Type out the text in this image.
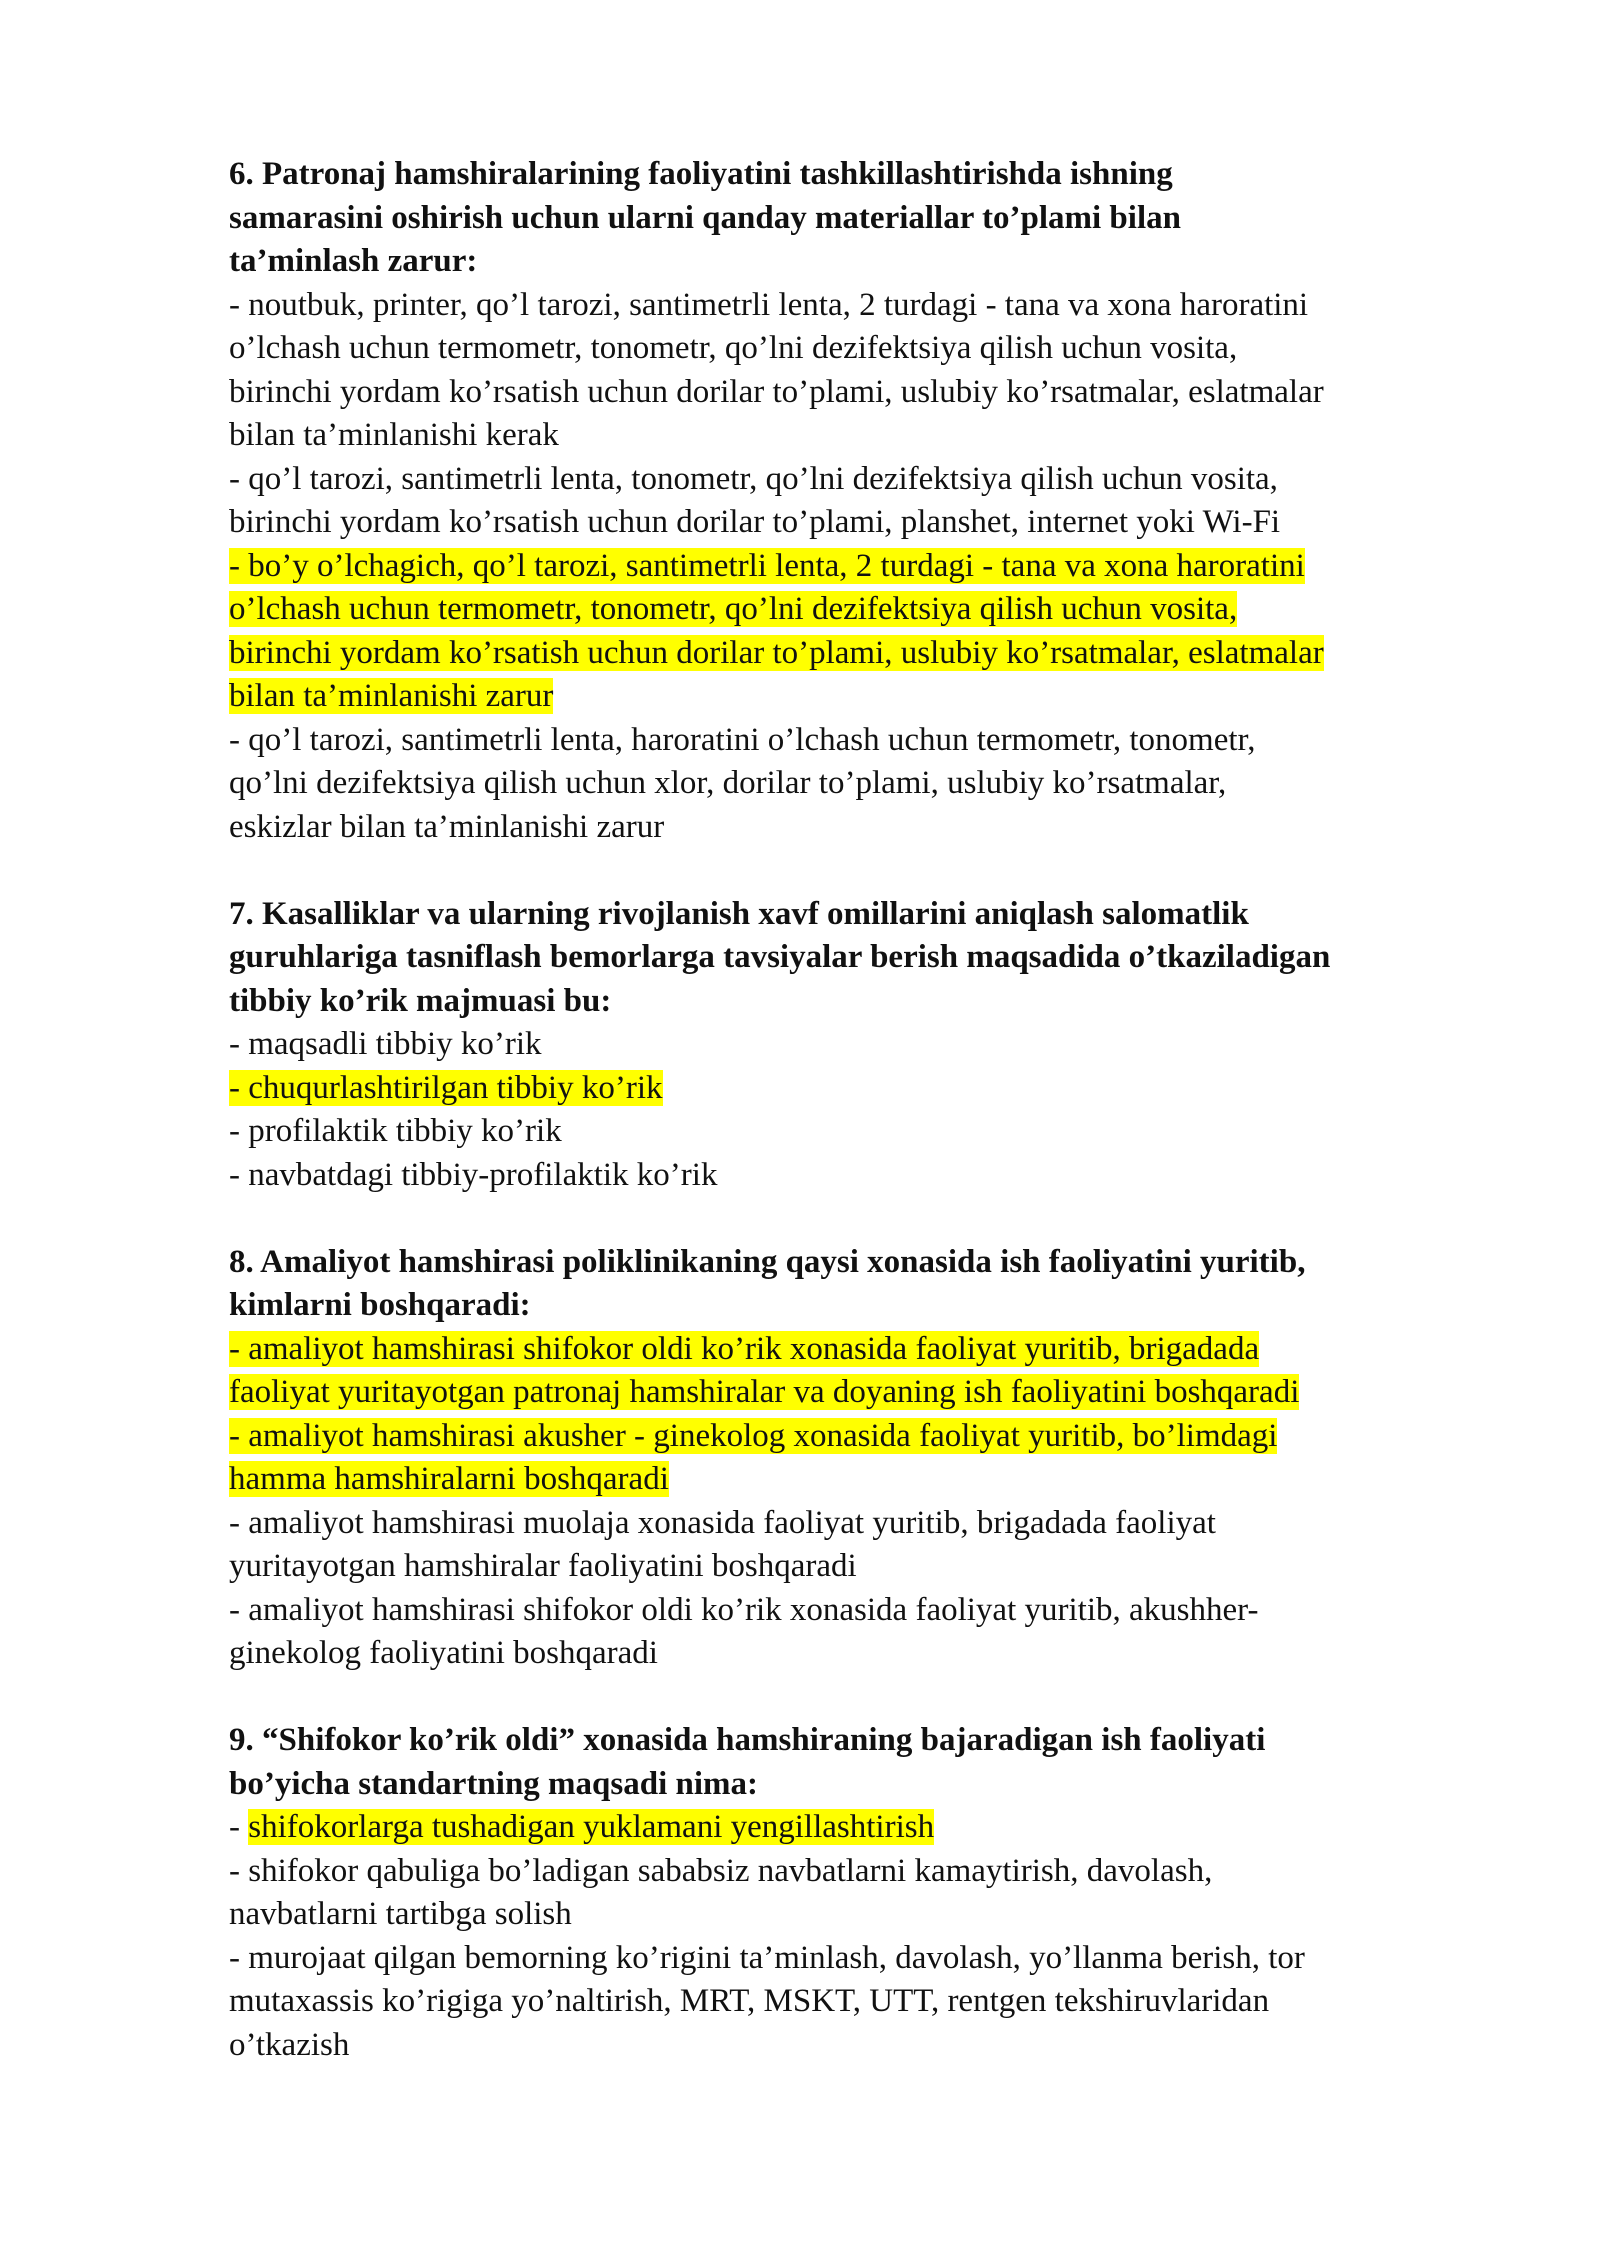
6. Patronaj hamshiralarining faoliyatini tashkillashtirishda ishning
samarasini oshirish uchun ularni qanday materiallar to’plami bilan
ta’minlash zarur:

- noutbuk, printer, qo’l tarozi, santimetrli lenta, 2 turdagi - tana va xona haroratini
o’lchash uchun termometr, tonometr, qo’lni dezifektsiya qilish uchun vosita,
birinchi yordam ko’rsatish uchun dorilar to’plami, uslubiy ko’rsatmalar, eslatmalar
bilan ta’minlanishi kerak

- qo’l tarozi, santimetrli lenta, tonometr, qo’lni dezifektsiya qilish uchun vosita,
birinchi yordam ko’rsatish uchun dorilar to’plami, planshet, internet yoki Wi-Fi

- bo’y o’lchagich, qo’l tarozi, santimetrli lenta, 2 turdagi - tana va xona haroratini
o’lchash uchun termometr, tonometr, qo’lni dezifektsiya qilish uchun vosita,
birinchi yordam ko’rsatish uchun dorilar to’plami, uslubiy ko’rsatmalar, eslatmalar
bilan ta’minlanishi zarur

- qo’l tarozi, santimetrli lenta, haroratini o’lchash uchun termometr, tonometr,
qo’lni dezifektsiya qilish uchun xlor, dorilar to’plami, uslubiy ko’rsatmalar,
eskizlar bilan ta’minlanishi zarur

7. Kasalliklar va ularning rivojlanish xavf omillarini aniqlash salomatlik
guruhlariga tasniflash bemorlarga tavsiyalar berish maqsadida o’tkaziladigan
tibbiy ko’rik majmuasi bu:

- maqsadli tibbiy ko’rik

- chuqurlashtirilgan tibbiy ko’rik

- profilaktik tibbiy ko’rik

- navbatdagi tibbiy-profilaktik ko’rik

8. Amaliyot hamshirasi poliklinikaning qaysi xonasida ish faoliyatini yuritib,
kimlarni boshqaradi:

- amaliyot hamshirasi shifokor oldi ko’rik xonasida faoliyat yuritib, brigadada
faoliyat yuritayotgan patronaj hamshiralar va doyaning ish faoliyatini boshqaradi

- amaliyot hamshirasi akusher - ginekolog xonasida faoliyat yuritib, bo’limdagi
hamma hamshiralarni boshqaradi

- amaliyot hamshirasi muolaja xonasida faoliyat yuritib, brigadada faoliyat
yuritayotgan hamshiralar faoliyatini boshqaradi

- amaliyot hamshirasi shifokor oldi ko’rik xonasida faoliyat yuritib, akushher-
ginekolog faoliyatini boshqaradi

9. “Shifokor ko’rik oldi” xonasida hamshiraning bajaradigan ish faoliyati
bo’yicha standartning maqsadi nima:

- shifokorlarga tushadigan yuklamani yengillashtirish

- shifokor qabuliga bo’ladigan sababsiz navbatlarni kamaytirish, davolash,
navbatlarni tartibga solish

- murojaat qilgan bemorning ko’rigini ta’minlash, davolash, yo’llanma berish, tor
mutaxassis ko’rigiga yo’naltirish, MRT, MSKT, UTT, rentgen tekshiruvlaridan
o’tkazish
